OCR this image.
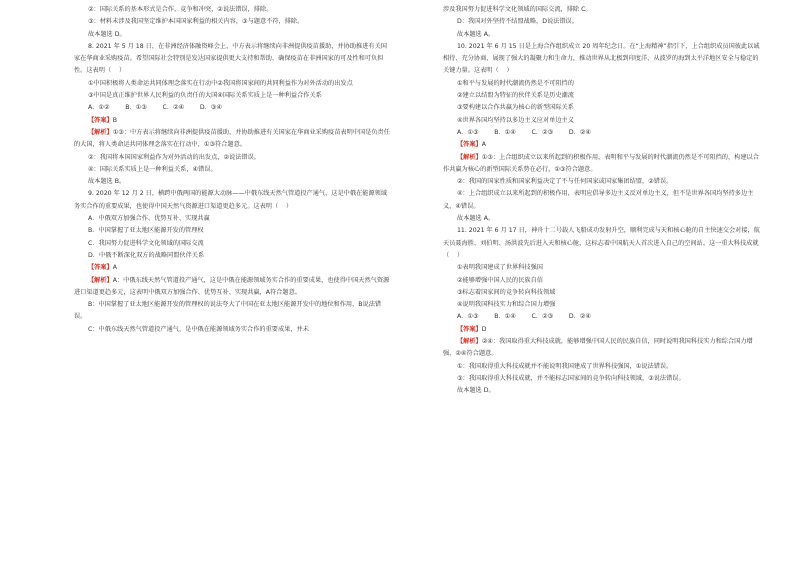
②：国际关系的基本形式是合作、竞争和冲突，②说法错误，排除。

③：材料未涉及我国坚定维护本国国家利益的相关内容，③与题意不符，排除。

故本题选 D。

8. 2021 年 5 月 18 日，在非洲经济体融资峰会上，中方表示将继续向非洲提供疫苗援助，并协助推进有关国家在华商业采购疫苗。希望国际社会特别是发达国家提供更大支持和帮助，确保疫苗在非洲国家的可及性和可负担性。这表明（    ）

①中国积极将人类命运共同体理念落实在行动中②我国将国家间的共同利益作为对外活动的出发点

③中国是真正维护世界人民利益的负责任的大国④国际关系实质上是一种利益合作关系

A．①②        B．①③        C．②④        D．③④

【答案】B

【解析】①③：中方表示将继续向非洲提供疫苗援助，并协助推进有关国家在华商业采购疫苗表明中国是负责任的大国，将人类命运共同体理念落实在行动中，①③符合题意。

②：我国将本国国家利益作为对外活动的出发点，②说法错误。

④：国际关系实质上是一种利益关系，④错误。

故本题选 B。

9. 2020 年 12 月 2 日，横跨中俄两国的能源大动脉——中俄东线天然气管道投产通气，这是中俄在能源领域务实合作的重要成果，也使得中国天然气资源进口渠道更趋多元。这表明（    ）

A．中俄双方加强合作、优势互补、实现共赢

B．中国掌握了亚太地区能源开发的管理权

C．我国努力促进科学文化领域的国际交流

D．中俄不断深化双方的战略同盟伙伴关系

【答案】A

【解析】A：中俄东线天然气管道投产通气，这是中俄在能源领域务实合作的重要成果，也使得中国天然气资源进口渠道更趋多元，这表明中俄双方加强合作、优势互补、实现共赢，A符合题意。

B：中国掌握了亚太地区能源开发的管理权的说法夸大了中国在亚太地区能源开发中的地位和作用，B说法错误。

C：中俄东线天然气管道投产通气，是中俄在能源领域务实合作的重要成果，并未

涉及我国努力促进科学文化领域的国际交流，排除 C。

D：我国对外坚持不结盟战略，D说法错误。

故本题选 A。

10. 2021 年 6 月 15 日是上海合作组织成立 20 周年纪念日。在“上海精神”指引下，上合组织成员国彼此以诚相待、充分协商，展现了强大的凝聚力和生命力，推动世界从北极到印度洋、从波罗的海到太平洋地区安全与稳定的关键力量。这表明（    ）

①和平与发展的时代潮流仍然是不可阻挡的

②建立以结盟为特征的伙伴关系是历史潮流

③要构建以合作共赢为核心的新型国际关系

④世界各国均坚持以多边主义应对单边主义

A．①③        B．①④        C．②③        D．②④

【答案】A

【解析】①③：上合组织成立以来所起到的积极作用，表明和平与发展的时代潮流仍然是不可阻挡的，构建以合作共赢为核心的新型国际关系势在必行，①③符合题意。

②：我国的国家性质和国家利益决定了不与任何国家或国家集团结盟，②错误。

④：上合组织成立以来所起到的积极作用，表明应倡导多边主义反对单边主义，但不是世界各国均坚持多边主义，④错误。

故本题选 A。

11. 2021 年 6 月 17 日，神舟十二号载人飞船成功发射升空，顺利完成与天和核心舱的自主快速交会对接，航天员聂海胜、刘伯明、汤洪波先后进入天和核心舱，这标志着中国航天人首次进入自己的空间站。这一重大科技成就（    ）

①表明我国建成了世界科技强国

②能够增强中国人民的民族自信

③标志着国家间的竞争转向科技领域

④说明我国科技实力和综合国力增强

A．①③        B．①④        C．②③        D．②④

【答案】D

【解析】②④：我国取得重大科技成就，能够增强中国人民的民族自信，同时说明我国科技实力和综合国力增强，②④符合题意。

①：我国取得重大科技成就并不能说明我国建成了世界科技强国，①说法错误。

③：我国取得重大科技成就，并不能标志国家间的竞争转向科技领域，③说法错误。

故本题选 D。
